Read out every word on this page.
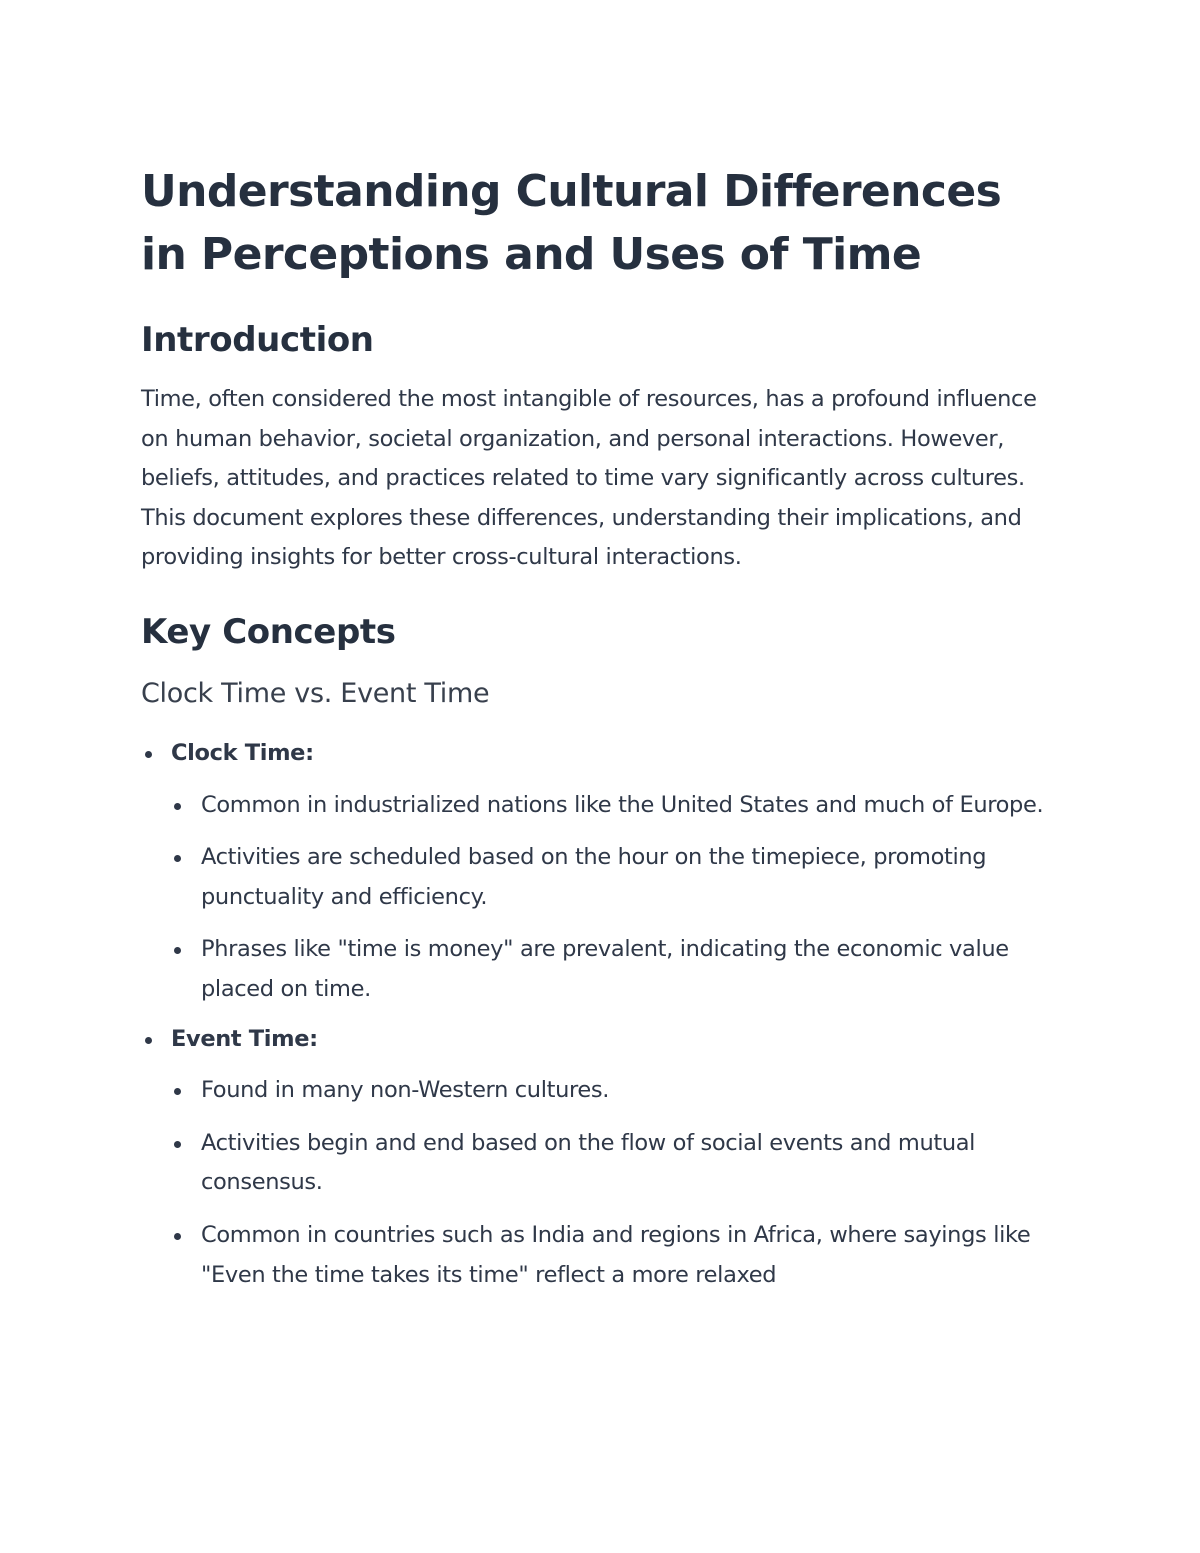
Understanding Cultural Differences in Perceptions and Uses of Time
Introduction

Time, often considered the most intangible of resources, has a profound influence on human behavior, societal organization, and personal interactions. However, beliefs, attitudes, and practices related to time vary significantly across cultures. This document explores these differences, understanding their implications, and providing insights for better cross-cultural interactions.

Key Concepts
Clock Time vs. Event Time
Clock Time:
Common in industrialized nations like the United States and much of Europe.
Activities are scheduled based on the hour on the timepiece, promoting punctuality and efficiency.
Phrases like "time is money" are prevalent, indicating the economic value placed on time.
Event Time:
Found in many non-Western cultures.
Activities begin and end based on the flow of social events and mutual consensus.
Common in countries such as India and regions in Africa, where sayings like "Even the time takes its time" reflect a more relaxed
